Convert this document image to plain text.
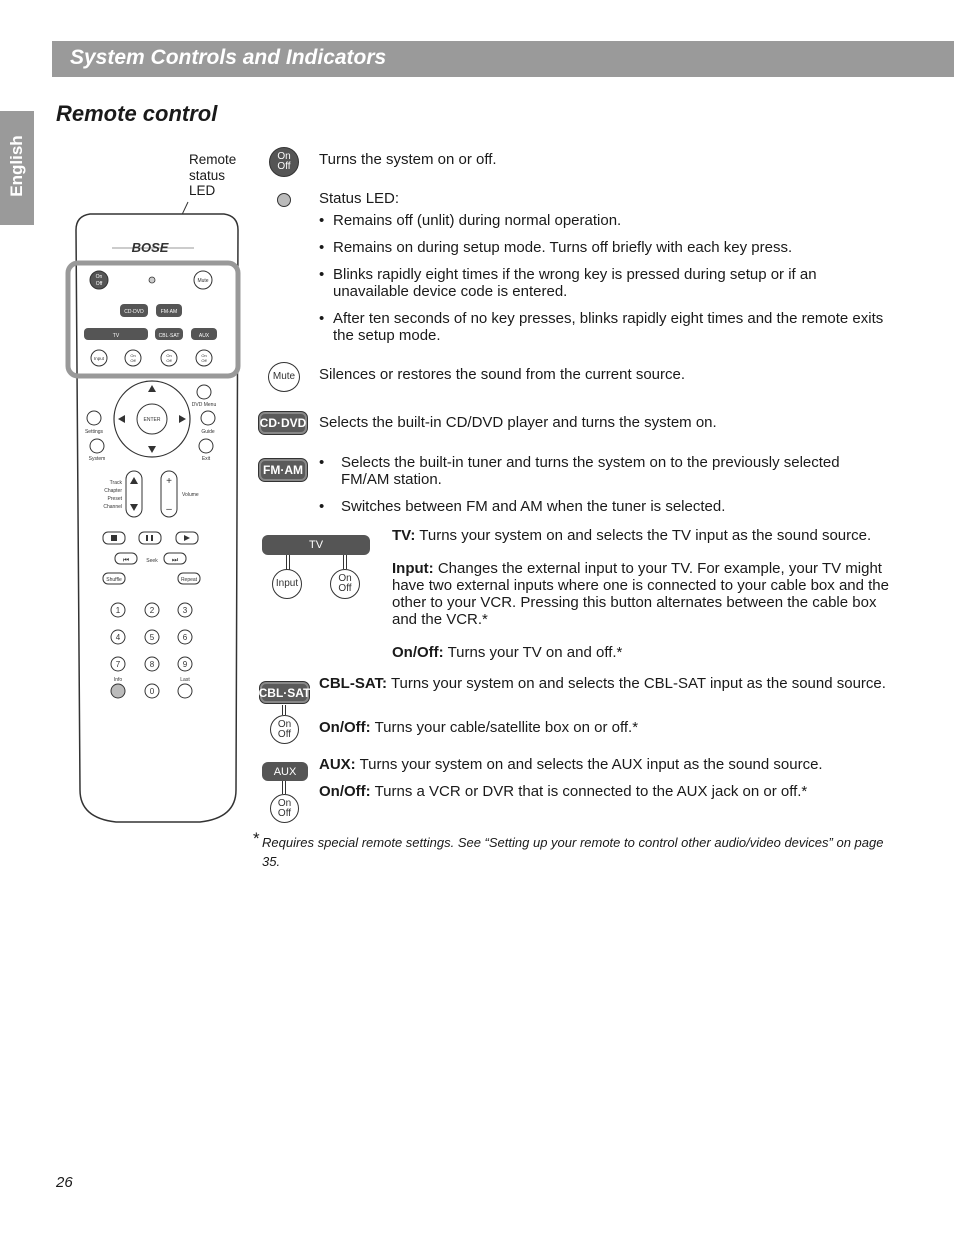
System Controls and Indicators
English
Remote control
Remote
status
LED
BOSE
On
Off	Mute
CD·DVD	FM·AM
TV	CBL·SAT	AUX
Input
ENTER
DVD Menu
Settings	Guide
System	Exit
Track
Chapter
Preset
Channel
+
–
Volume
⏮	Seek ⏭
Shuffle	Repeat
1	2	3
4	5	6
7	8	9
0
On
Off
On
Off
On
Off
Info	Last
On
Off Turns the system on or off.
Status LED:
• Remains off (unlit) during normal operation.
• Remains on during setup mode. Turns off briefly with each key press.
• Blinks rapidly eight times if the wrong key is pressed during setup or if an unavailable device code is entered.
• After ten seconds of no key presses, blinks rapidly eight times and the remote exits the setup mode.
Mute Silences or restores the sound from the current source.
CD·DVD Selects the built-in CD/DVD player and turns the system on.
FM·AM
•	Selects the built-in tuner and turns the system on to the previously selected FM/AM station.
• Switches between FM and AM when the tuner is selected.
TV
Input	On
Off
TV: Turns your system on and selects the TV input as the sound source.
Input: Changes the external input to your TV. For example, your TV might have two external inputs where one is connected to your cable box and the other to your VCR. Pressing this button alternates between the cable box and the VCR.*
On/Off: Turns your TV on and off.*
CBL·SAT
On
Off
CBL-SAT: Turns your system on and selects the CBL-SAT input as the sound source.
On/Off: Turns your cable/satellite box on or off.*
AUX
On
Off
AUX: Turns your system on and selects the AUX input as the sound source.
On/Off: Turns a VCR or DVR that is connected to the AUX jack on or off.*
* Requires special remote settings. See “Setting up your remote to control other audio/video devices” on page 35.
26
